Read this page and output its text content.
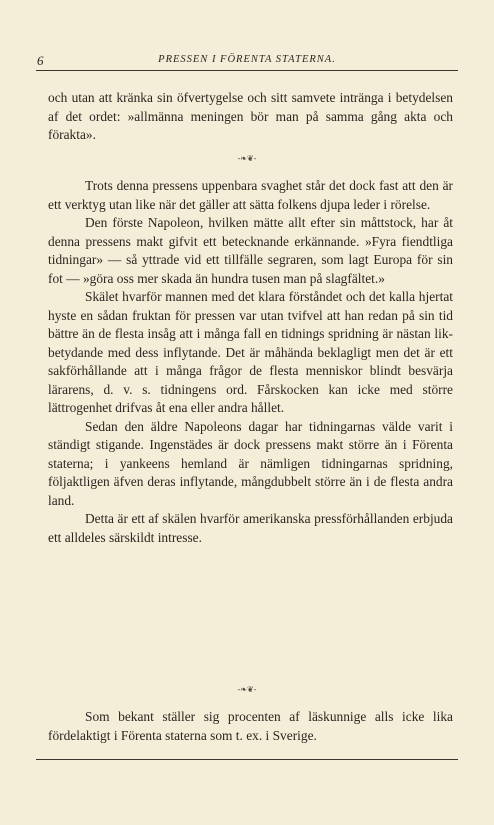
6	PRESSEN I FÖRENTA STATERNA.

och utan att kränka sin öfvertygelse och sitt samvete intränga i betydelsen af det ordet: »allmänna meningen bör man på samma gång akta och förakta».

-❧❦-

Trots denna pressens uppenbara svaghet står det dock fast att den är ett verktyg utan like när det gäller att sätta folkens djupa leder i rörelse.

Den förste Napoleon, hvilken mätte allt efter sin måttstock, har åt denna pressens makt gifvit ett betecknande erkännande. »Fyra fiendtliga tidningar» — så yttrade vid ett tillfälle segraren, som lagt Europa för sin fot — »göra oss mer skada än hundra tusen man på slagfältet.»

Skälet hvarför mannen med det klara förståndet och det kalla hjertat hyste en sådan fruktan för pressen var utan tvifvel att han redan på sin tid bättre än de flesta insåg att i många fall en tidnings spridning är nästan likbetydande med dess inflytande. Det är måhända beklagligt men det är ett sakförhållande att i många frågor de flesta menniskor blindt besvärja lärarens, d. v. s. tidningens ord. Fårskocken kan icke med större lättrogenhet drifvas åt ena eller andra hållet.

Sedan den äldre Napoleons dagar har tidningarnas välde varit i ständigt stigande. Ingenstädes är dock pressens makt större än i Förenta staterna; i yankeens hemland är nämligen tidningarnas spridning, följaktligen äfven deras inflytande, mångdubbelt större än i de flesta andra land.

Detta är ett af skälen hvarför amerikanska pressförhållanden erbjuda ett alldeles särskildt intresse.

-❧❦-

Som bekant ställer sig procenten af läskunnige alls icke lika fördelaktigt i Förenta staterna som t. ex. i Sverige.
